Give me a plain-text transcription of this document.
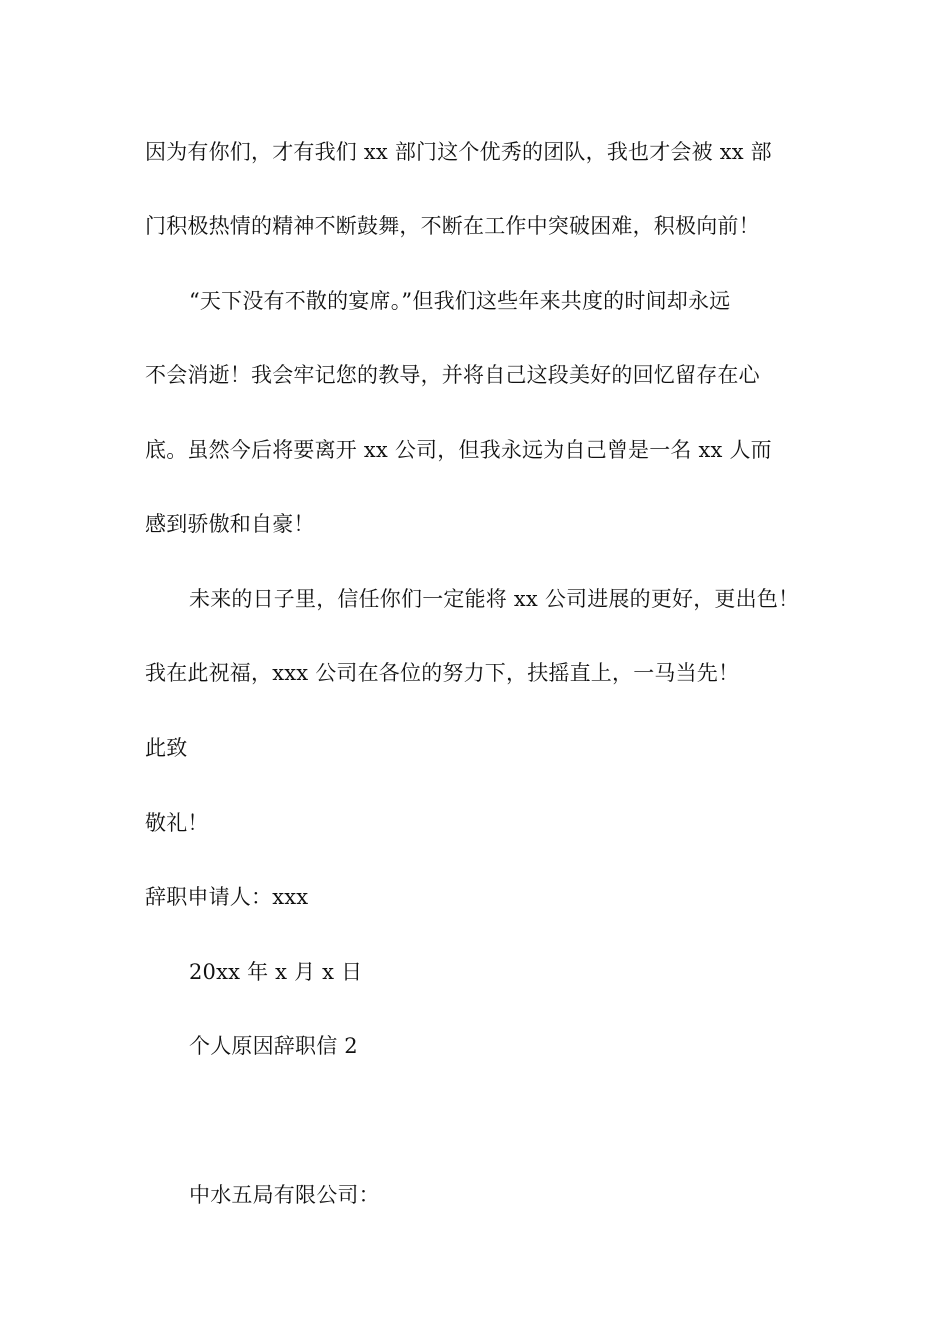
因为有你们，才有我们 xx 部门这个优秀的团队，我也才会被 xx 部
门积极热情的精神不断鼓舞，不断在工作中突破困难，积极向前！
“天下没有不散的宴席。”但我们这些年来共度的时间却永远
不会消逝！我会牢记您的教导，并将自己这段美好的回忆留存在心
底。虽然今后将要离开 xx 公司，但我永远为自己曾是一名 xx 人而
感到骄傲和自豪！
未来的日子里，信任你们一定能将 xx 公司进展的更好，更出色！
我在此祝福，xxx 公司在各位的努力下，扶摇直上，一马当先！
此致
敬礼！
辞职申请人：xxx
20xx 年 x 月 x 日
个人原因辞职信 2
中水五局有限公司：
